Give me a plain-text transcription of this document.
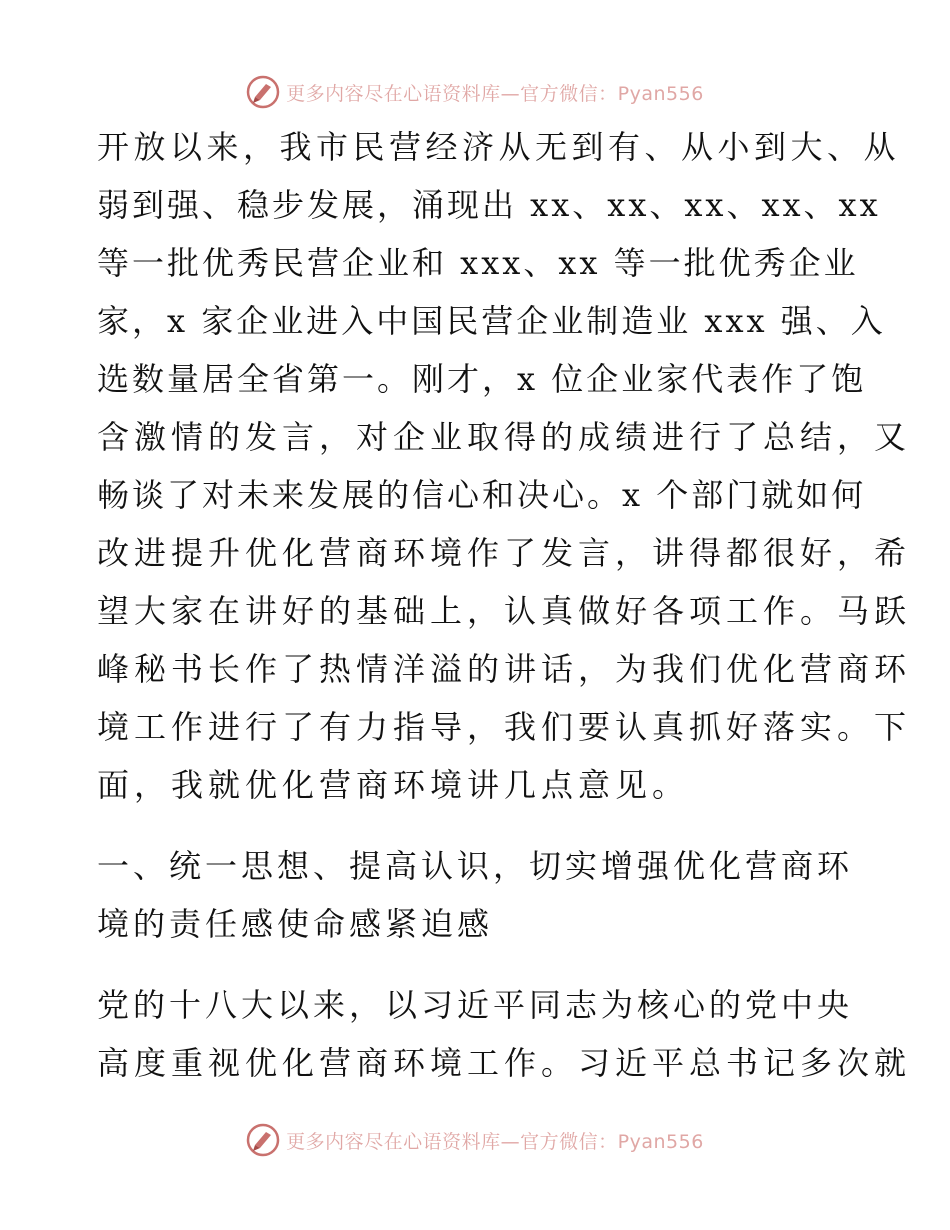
更多内容尽在心语资料库—官方微信：Pyan556
开放以来，我市民营经济从无到有、从小到大、从
弱到强、稳步发展，涌现出 xx、xx、xx、xx、xx
等一批优秀民营企业和 xxx、xx 等一批优秀企业
家，x 家企业进入中国民营企业制造业 xxx 强、入
选数量居全省第一。刚才，x 位企业家代表作了饱
含激情的发言，对企业取得的成绩进行了总结，又
畅谈了对未来发展的信心和决心。x 个部门就如何
改进提升优化营商环境作了发言，讲得都很好，希
望大家在讲好的基础上，认真做好各项工作。马跃
峰秘书长作了热情洋溢的讲话，为我们优化营商环
境工作进行了有力指导，我们要认真抓好落实。下
面，我就优化营商环境讲几点意见。
一、统一思想、提高认识，切实增强优化营商环
境的责任感使命感紧迫感
党的十八大以来，以习近平同志为核心的党中央
高度重视优化营商环境工作。习近平总书记多次就
更多内容尽在心语资料库—官方微信：Pyan556
